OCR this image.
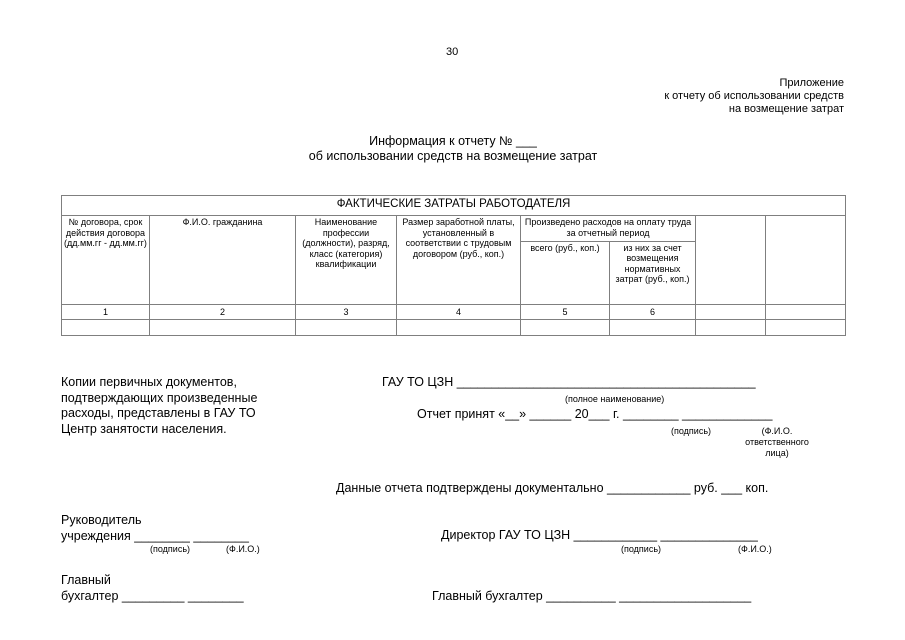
30
Приложение
к отчету об использовании средств
на возмещение затрат
Информация к отчету № ___
об использовании средств на возмещение затрат
ФАКТИЧЕСКИЕ ЗАТРАТЫ РАБОТОДАТЕЛЯ							
№ договора, срок действия договора (дд.мм.гг - дд.мм.гг)	Ф.И.О. гражданина	Наименование профессии (должности), разряд, класс (категория) квалификации	Размер заработной платы, установленный в соответствии с трудовым договором (руб., коп.)	Произведено расходов на оплату труда за отчетный период			
				всего (руб., коп.)	из них за счет возмещения нормативных затрат (руб., коп.)		
1	2	3	4	5	6		

Копии первичных документов,
подтверждающих произведенные
расходы, представлены в ГАУ ТО
Центр занятости населения.
ГАУ ТО ЦЗН ___________________________________________
(полное наименование)
Отчет принят «__» ______ 20___ г. ________ _____________
(подпись)	(Ф.И.О. ответственного лица)
Данные отчета подтверждены документально ____________ руб. ___ коп.
Руководитель
учреждения ________ ________
(подпись)	(Ф.И.О.)
Директор ГАУ ТО ЦЗН ____________ ______________
(подпись)	(Ф.И.О.)
Главный
бухгалтер _________ ________	Главный бухгалтер __________ ___________________
